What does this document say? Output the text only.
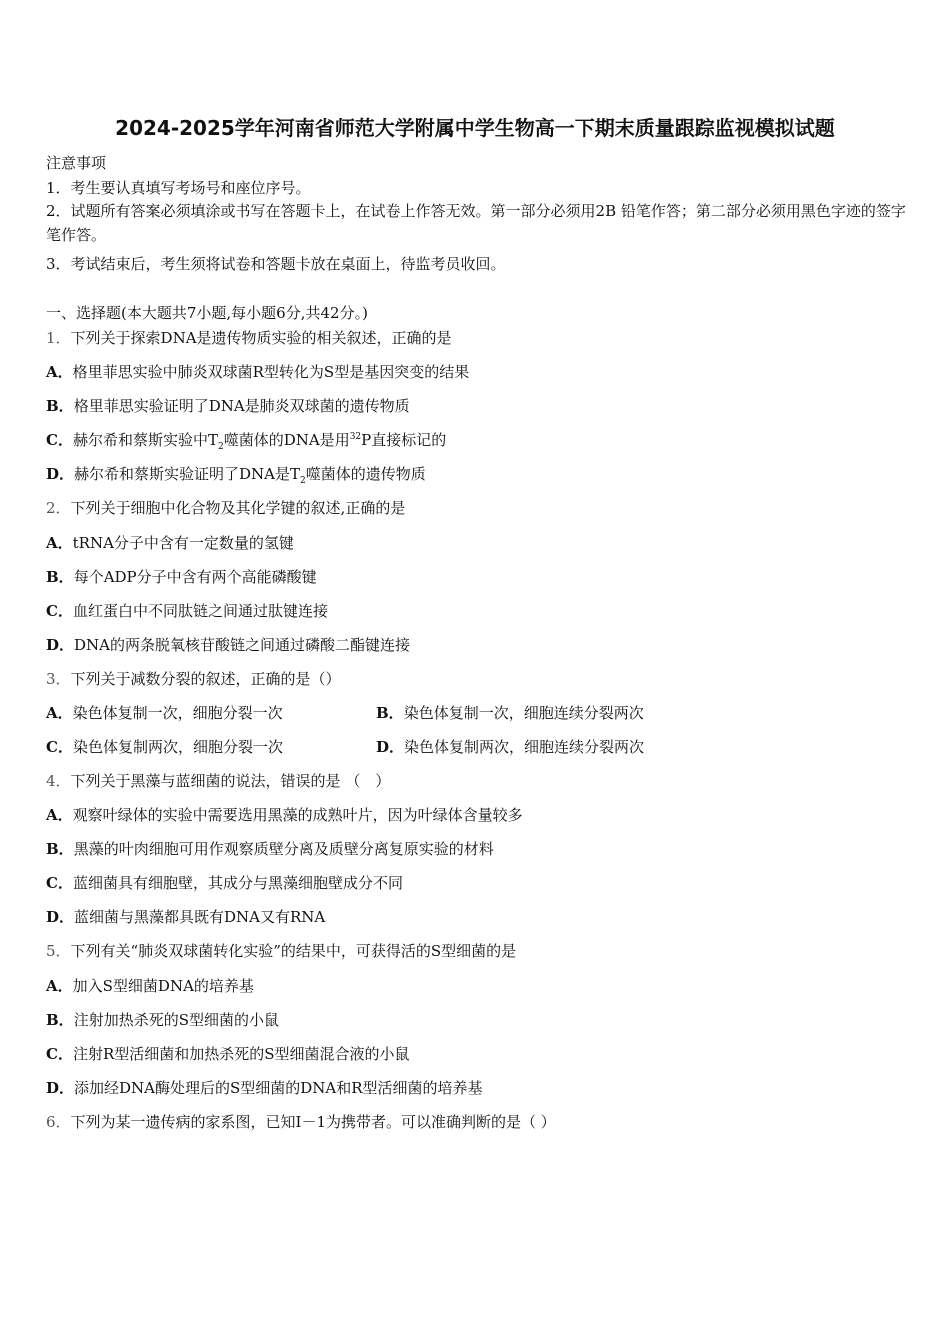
2024-2025学年河南省师范大学附属中学生物高一下期末质量跟踪监视模拟试题
注意事项
1．考生要认真填写考场号和座位序号。
2．试题所有答案必须填涂或书写在答题卡上，在试卷上作答无效。第一部分必须用2B 铅笔作答；第二部分必须用黑色字迹的签字笔作答。
3．考试结束后，考生须将试卷和答题卡放在桌面上，待监考员收回。
一、选择题(本大题共7小题,每小题6分,共42分。)
1．下列关于探索DNA是遗传物质实验的相关叙述，正确的是
A．格里菲思实验中肺炎双球菌R型转化为S型是基因突变的结果
B．格里菲思实验证明了DNA是肺炎双球菌的遗传物质
C．赫尔希和蔡斯实验中$T_2$噬菌体的DNA是用$^{32}$P直接标记的
D．赫尔希和蔡斯实验证明了DNA是$T_2$噬菌体的遗传物质
2．下列关于细胞中化合物及其化学键的叙述,正确的是
A．tRNA分子中含有一定数量的氢键
B．每个ADP分子中含有两个高能磷酸键
C．血红蛋白中不同肽链之间通过肽键连接
D．DNA的两条脱氧核苷酸链之间通过磷酸二酯键连接
3．下列关于减数分裂的叙述，正确的是（）
A．染色体复制一次，细胞分裂一次	B．染色体复制一次，细胞连续分裂两次
C．染色体复制两次，细胞分裂一次	D．染色体复制两次，细胞连续分裂两次
4．下列关于黑藻与蓝细菌的说法，错误的是 （　）
A．观察叶绿体的实验中需要选用黑藻的成熟叶片，因为叶绿体含量较多
B．黑藻的叶肉细胞可用作观察质壁分离及质壁分离复原实验的材料
C．蓝细菌具有细胞壁，其成分与黑藻细胞壁成分不同
D．蓝细菌与黑藻都具既有DNA又有RNA
5．下列有关“肺炎双球菌转化实验”的结果中，可获得活的S型细菌的是
A．加入S型细菌DNA的培养基
B．注射加热杀死的S型细菌的小鼠
C．注射R型活细菌和加热杀死的S型细菌混合液的小鼠
D．添加经DNA酶处理后的S型细菌的DNA和R型活细菌的培养基
6．下列为某一遗传病的家系图，已知Ⅰ－1为携带者。可以准确判断的是（ ）
